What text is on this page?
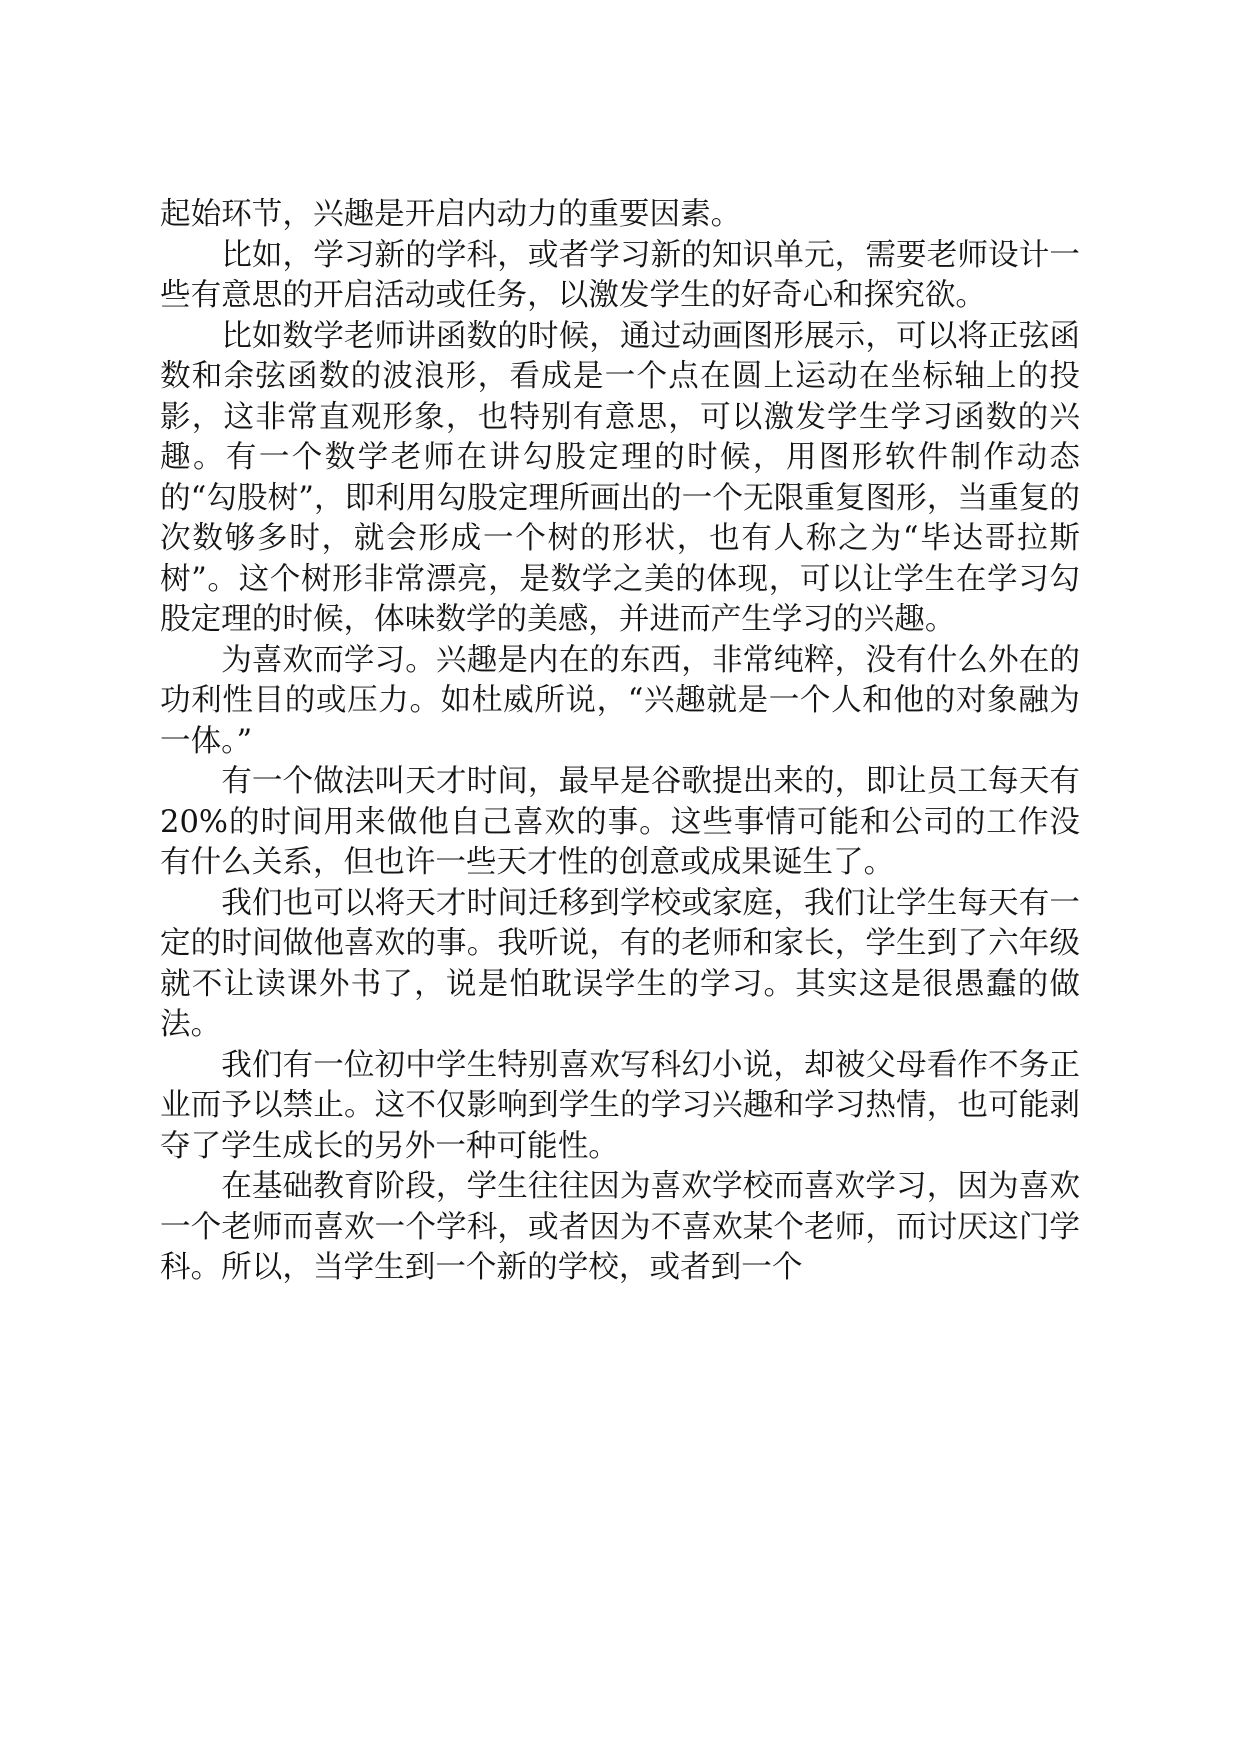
起始环节，兴趣是开启内动力的重要因素。

比如，学习新的学科，或者学习新的知识单元，需要老师设计一些有意思的开启活动或任务，以激发学生的好奇心和探究欲。

比如数学老师讲函数的时候，通过动画图形展示，可以将正弦函数和余弦函数的波浪形，看成是一个点在圆上运动在坐标轴上的投影，这非常直观形象，也特别有意思，可以激发学生学习函数的兴趣。有一个数学老师在讲勾股定理的时候，用图形软件制作动态的“勾股树”，即利用勾股定理所画出的一个无限重复图形，当重复的次数够多时，就会形成一个树的形状，也有人称之为“毕达哥拉斯树”。这个树形非常漂亮，是数学之美的体现，可以让学生在学习勾股定理的时候，体味数学的美感，并进而产生学习的兴趣。

为喜欢而学习。兴趣是内在的东西，非常纯粹，没有什么外在的功利性目的或压力。如杜威所说，“兴趣就是一个人和他的对象融为一体。”

有一个做法叫天才时间，最早是谷歌提出来的，即让员工每天有20%的时间用来做他自己喜欢的事。这些事情可能和公司的工作没有什么关系，但也许一些天才性的创意或成果诞生了。

我们也可以将天才时间迁移到学校或家庭，我们让学生每天有一定的时间做他喜欢的事。我听说，有的老师和家长，学生到了六年级就不让读课外书了，说是怕耽误学生的学习。其实这是很愚蠢的做法。

我们有一位初中学生特别喜欢写科幻小说，却被父母看作不务正业而予以禁止。这不仅影响到学生的学习兴趣和学习热情，也可能剥夺了学生成长的另外一种可能性。

在基础教育阶段，学生往往因为喜欢学校而喜欢学习，因为喜欢一个老师而喜欢一个学科，或者因为不喜欢某个老师，而讨厌这门学科。所以，当学生到一个新的学校，或者到一个
